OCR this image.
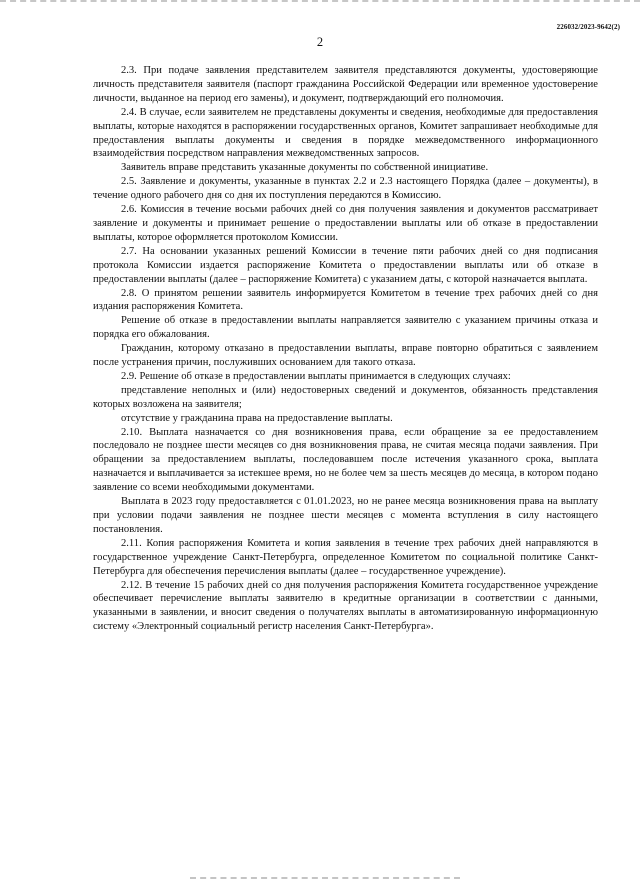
226032/2023-9642(2)
2

2.3. При подаче заявления представителем заявителя представляются документы, удостоверяющие личность представителя заявителя (паспорт гражданина Российской Федерации или временное удостоверение личности, выданное на период его замены), и документ, подтверждающий его полномочия.

2.4. В случае, если заявителем не представлены документы и сведения, необходимые для предоставления выплаты, которые находятся в распоряжении государственных органов, Комитет запрашивает необходимые для предоставления выплаты документы и сведения в порядке межведомственного информационного взаимодействия посредством направления межведомственных запросов.

Заявитель вправе представить указанные документы по собственной инициативе.

2.5. Заявление и документы, указанные в пунктах 2.2 и 2.3 настоящего Порядка (далее – документы), в течение одного рабочего дня со дня их поступления передаются в Комиссию.

2.6. Комиссия в течение восьми рабочих дней со дня получения заявления и документов рассматривает заявление и документы и принимает решение о предоставлении выплаты или об отказе в предоставлении выплаты, которое оформляется протоколом Комиссии.

2.7. На основании указанных решений Комиссии в течение пяти рабочих дней со дня подписания протокола Комиссии издается распоряжение Комитета о предоставлении выплаты или об отказе в предоставлении выплаты (далее – распоряжение Комитета) с указанием даты, с которой назначается выплата.

2.8. О принятом решении заявитель информируется Комитетом в течение трех рабочих дней со дня издания распоряжения Комитета.

Решение об отказе в предоставлении выплаты направляется заявителю с указанием причины отказа и порядка его обжалования.

Гражданин, которому отказано в предоставлении выплаты, вправе повторно обратиться с заявлением после устранения причин, послуживших основанием для такого отказа.

2.9. Решение об отказе в предоставлении выплаты принимается в следующих случаях:

представление неполных и (или) недостоверных сведений и документов, обязанность представления которых возложена на заявителя;

отсутствие у гражданина права на предоставление выплаты.

2.10. Выплата назначается со дня возникновения права, если обращение за ее предоставлением последовало не позднее шести месяцев со дня возникновения права, не считая месяца подачи заявления. При обращении за предоставлением выплаты, последовавшем после истечения указанного срока, выплата назначается и выплачивается за истекшее время, но не более чем за шесть месяцев до месяца, в котором подано заявление со всеми необходимыми документами.

Выплата в 2023 году предоставляется с 01.01.2023, но не ранее месяца возникновения права на выплату при условии подачи заявления не позднее шести месяцев с момента вступления в силу настоящего постановления.

2.11. Копия распоряжения Комитета и копия заявления в течение трех рабочих дней направляются в государственное учреждение Санкт-Петербурга, определенное Комитетом по социальной политике Санкт-Петербурга для обеспечения перечисления выплаты (далее – государственное учреждение).

2.12. В течение 15 рабочих дней со дня получения распоряжения Комитета государственное учреждение обеспечивает перечисление выплаты заявителю в кредитные организации в соответствии с данными, указанными в заявлении, и вносит сведения о получателях выплаты в автоматизированную информационную систему «Электронный социальный регистр населения Санкт-Петербурга».
